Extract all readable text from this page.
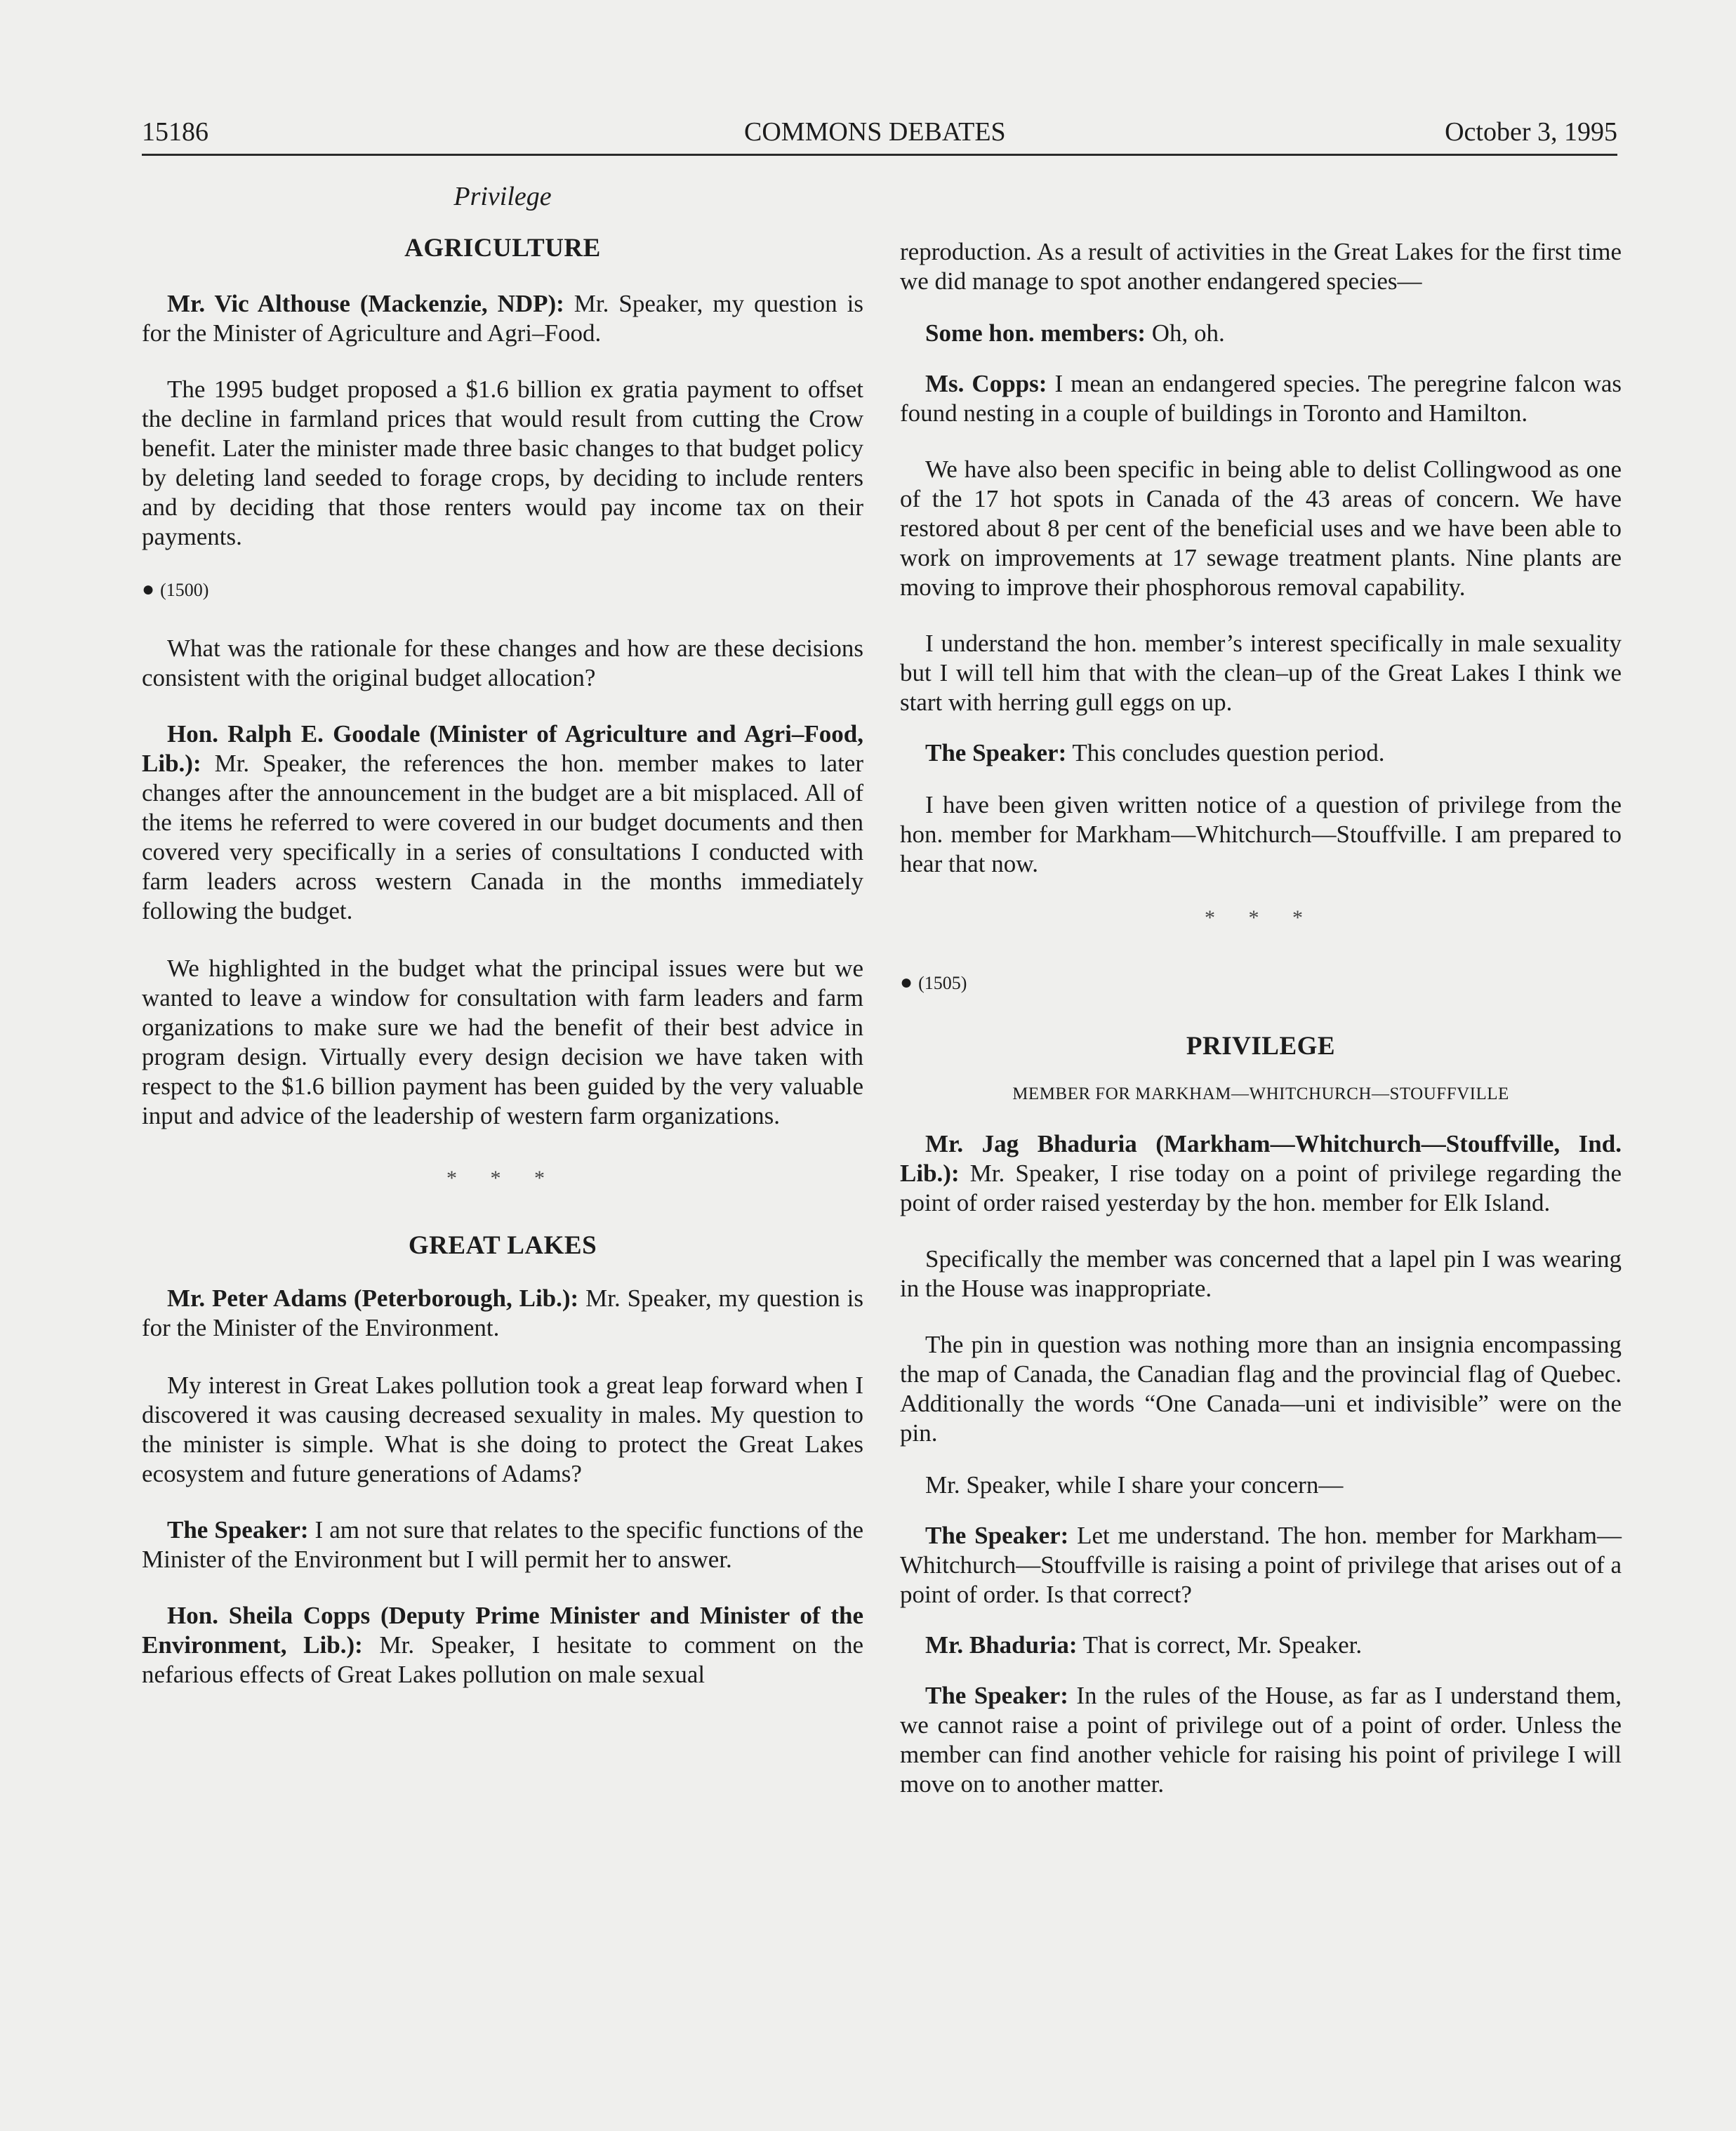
15186	COMMONS DEBATES	October 3, 1995
Privilege
AGRICULTURE

Mr. Vic Althouse (Mackenzie, NDP): Mr. Speaker, my question is for the Minister of Agriculture and Agri–Food.

The 1995 budget proposed a $1.6 billion ex gratia payment to offset the decline in farmland prices that would result from cutting the Crow benefit. Later the minister made three basic changes to that budget policy by deleting land seeded to forage crops, by deciding to include renters and by deciding that those renters would pay income tax on their payments.

● (1500)

What was the rationale for these changes and how are these decisions consistent with the original budget allocation?

Hon. Ralph E. Goodale (Minister of Agriculture and Agri–Food, Lib.): Mr. Speaker, the references the hon. member makes to later changes after the announcement in the budget are a bit misplaced. All of the items he referred to were covered in our budget documents and then covered very specifically in a series of consultations I conducted with farm leaders across western Canada in the months immediately following the budget.

We highlighted in the budget what the principal issues were but we wanted to leave a window for consultation with farm leaders and farm organizations to make sure we had the benefit of their best advice in program design. Virtually every design decision we have taken with respect to the $1.6 billion payment has been guided by the very valuable input and advice of the leadership of western farm organizations.

* * *
GREAT LAKES

Mr. Peter Adams (Peterborough, Lib.): Mr. Speaker, my question is for the Minister of the Environment.

My interest in Great Lakes pollution took a great leap forward when I discovered it was causing decreased sexuality in males. My question to the minister is simple. What is she doing to protect the Great Lakes ecosystem and future generations of Adams?

The Speaker: I am not sure that relates to the specific functions of the Minister of the Environment but I will permit her to answer.

Hon. Sheila Copps (Deputy Prime Minister and Minister of the Environment, Lib.): Mr. Speaker, I hesitate to comment on the nefarious effects of Great Lakes pollution on male sexual

reproduction. As a result of activities in the Great Lakes for the first time we did manage to spot another endangered species—

Some hon. members: Oh, oh.

Ms. Copps: I mean an endangered species. The peregrine falcon was found nesting in a couple of buildings in Toronto and Hamilton.

We have also been specific in being able to delist Collingwood as one of the 17 hot spots in Canada of the 43 areas of concern. We have restored about 8 per cent of the beneficial uses and we have been able to work on improvements at 17 sewage treatment plants. Nine plants are moving to improve their phosphorous removal capability.

I understand the hon. member’s interest specifically in male sexuality but I will tell him that with the clean–up of the Great Lakes I think we start with herring gull eggs on up.

The Speaker: This concludes question period.

I have been given written notice of a question of privilege from the hon. member for Markham—Whitchurch—Stouffville. I am prepared to hear that now.

* * *
● (1505)
PRIVILEGE
MEMBER FOR MARKHAM—WHITCHURCH—STOUFFVILLE

Mr. Jag Bhaduria (Markham—Whitchurch—Stouffville, Ind. Lib.): Mr. Speaker, I rise today on a point of privilege regarding the point of order raised yesterday by the hon. member for Elk Island.

Specifically the member was concerned that a lapel pin I was wearing in the House was inappropriate.

The pin in question was nothing more than an insignia encompassing the map of Canada, the Canadian flag and the provincial flag of Quebec. Additionally the words “One Canada—uni et indivisible” were on the pin.

Mr. Speaker, while I share your concern—

The Speaker: Let me understand. The hon. member for Markham—Whitchurch—Stouffville is raising a point of privilege that arises out of a point of order. Is that correct?

Mr. Bhaduria: That is correct, Mr. Speaker.

The Speaker: In the rules of the House, as far as I understand them, we cannot raise a point of privilege out of a point of order. Unless the member can find another vehicle for raising his point of privilege I will move on to another matter.
